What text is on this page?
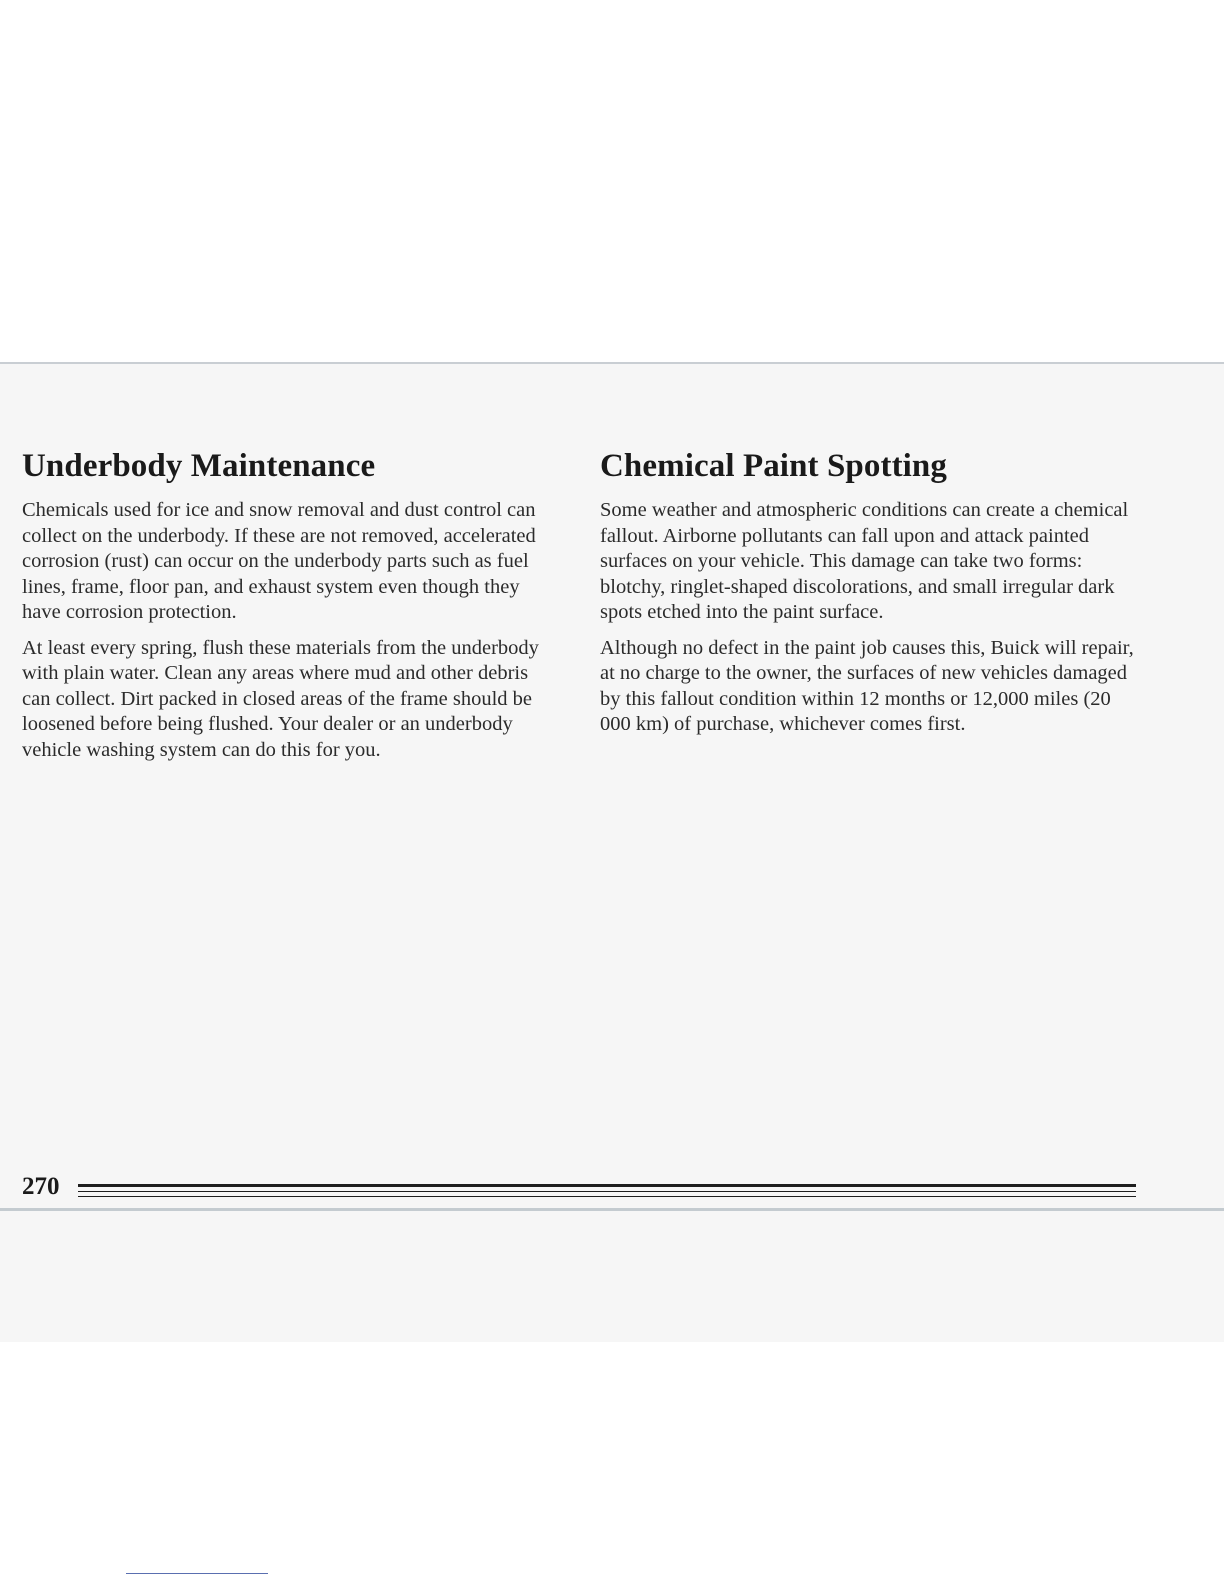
Underbody Maintenance

Chemicals used for ice and snow removal and dust control can collect on the underbody. If these are not removed, accelerated corrosion (rust) can occur on the underbody parts such as fuel lines, frame, floor pan, and exhaust system even though they have corrosion protection.

At least every spring, flush these materials from the underbody with plain water. Clean any areas where mud and other debris can collect. Dirt packed in closed areas of the frame should be loosened before being flushed. Your dealer or an underbody vehicle washing system can do this for you.

Chemical Paint Spotting

Some weather and atmospheric conditions can create a chemical fallout. Airborne pollutants can fall upon and attack painted surfaces on your vehicle. This damage can take two forms: blotchy, ringlet-shaped discolorations, and small irregular dark spots etched into the paint surface.

Although no defect in the paint job causes this, Buick will repair, at no charge to the owner, the surfaces of new vehicles damaged by this fallout condition within 12 months or 12,000 miles (20 000 km) of purchase, whichever comes first.

270
